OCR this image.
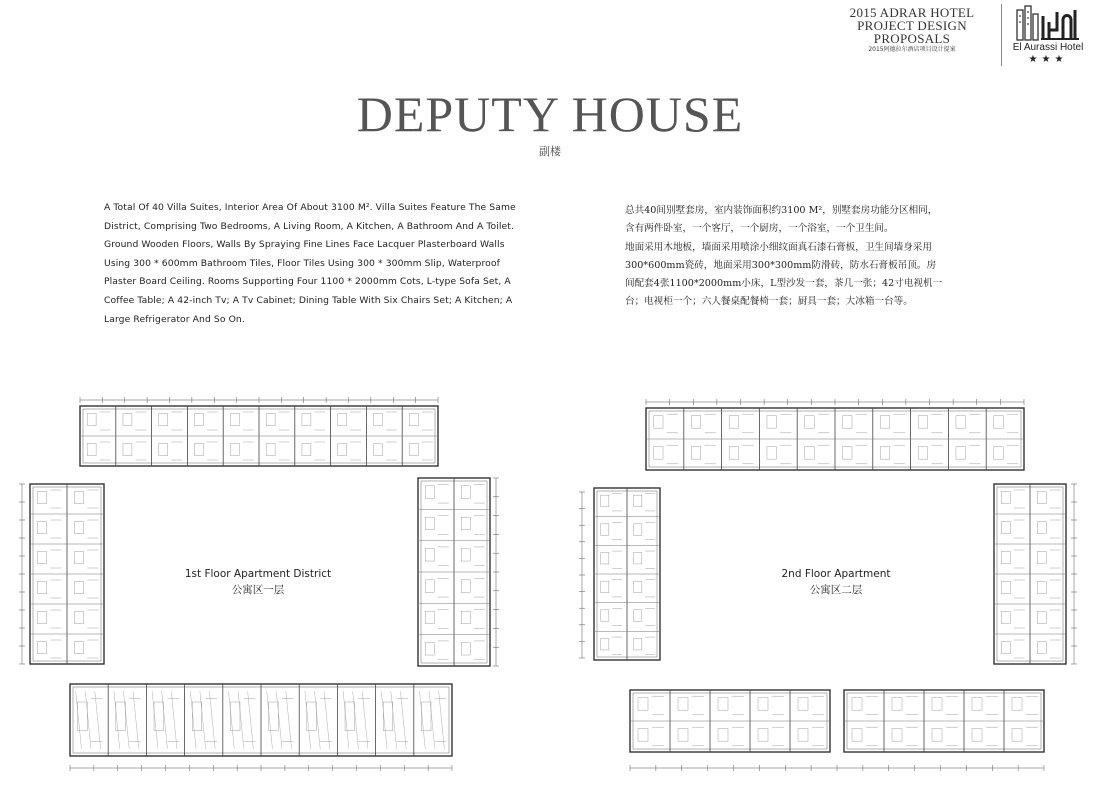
2015 ADRAR HOTEL
PROJECT DESIGN
PROPOSALS
2015阿德拉尔酒店项目设计提案	El Aurassi Hotel
★★★
DEPUTY HOUSE
副楼

A Total Of 40 Villa Suites, Interior Area Of About 3100 M². Villa Suites Feature The Same District, Comprising Two Bedrooms, A Living Room, A Kitchen, A Bathroom And A Toilet.

Ground Wooden Floors, Walls By Spraying Fine Lines Face Lacquer Plasterboard Walls Using 300 * 600mm Bathroom Tiles, Floor Tiles Using 300 * 300mm Slip, Waterproof Plaster Board Ceiling. Rooms Supporting Four 1100 * 2000mm Cots, L-type Sofa Set, A Coffee Table; A 42-inch Tv; A Tv Cabinet; Dining Table With Six Chairs Set; A Kitchen; A Large Refrigerator And So On.

总共40间别墅套房，室内装饰面积约3100 M²，别墅套房功能分区相同，含有两件卧室，一个客厅，一个厨房，一个浴室，一个卫生间。

地面采用木地板，墙面采用喷涂小细纹面真石漆石膏板，卫生间墙身采用300*600mm瓷砖，地面采用300*300mm防滑砖，防水石膏板吊顶。房间配套4张1100*2000mm小床，L型沙发一套，茶几一张；42寸电视机一台；电视柜一个；六人餐桌配餐椅一套；厨具一套；大冰箱一台等。

1st Floor Apartment District
公寓区一层
2nd Floor Apartment
公寓区二层
